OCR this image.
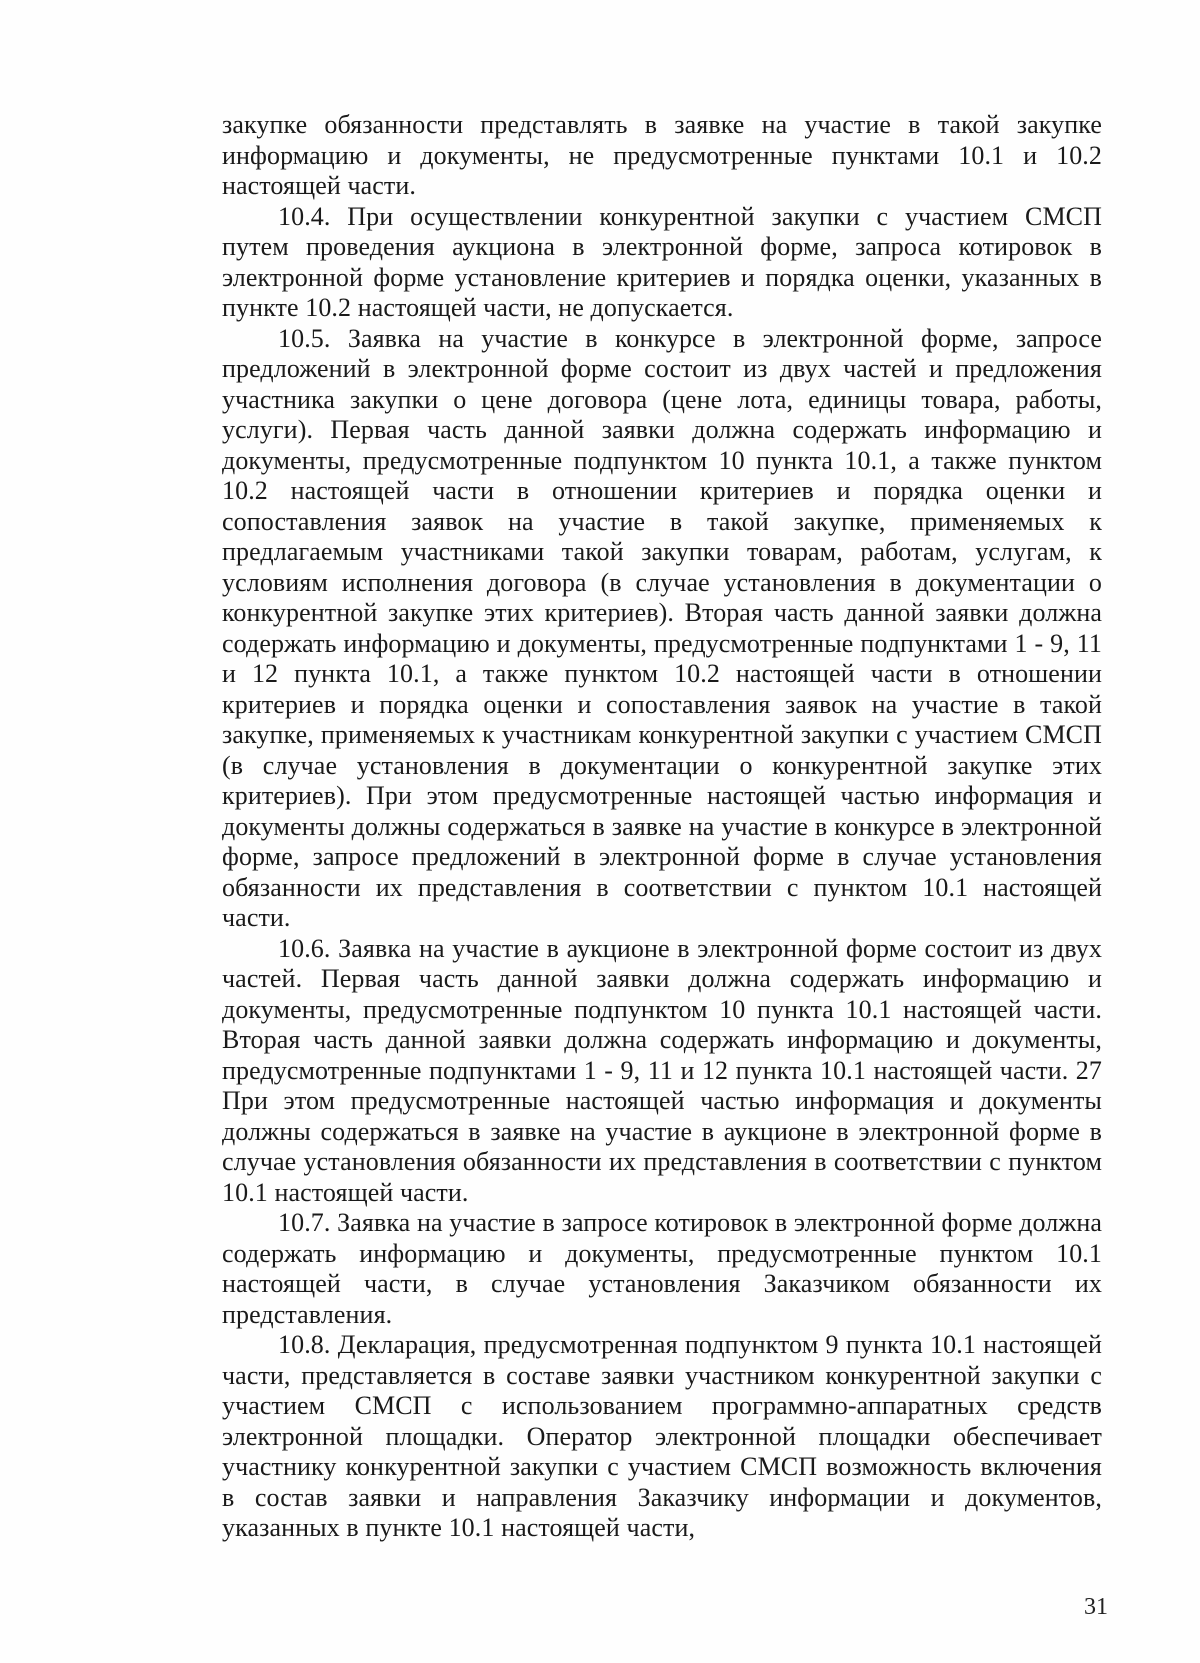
закупке обязанности представлять в заявке на участие в такой закупке информацию и документы, не предусмотренные пунктами 10.1 и 10.2 настоящей части.

10.4. При осуществлении конкурентной закупки с участием СМСП путем проведения аукциона в электронной форме, запроса котировок в электронной форме установление критериев и порядка оценки, указанных в пункте 10.2 настоящей части, не допускается.

10.5. Заявка на участие в конкурсе в электронной форме, запросе предложений в электронной форме состоит из двух частей и предложения участника закупки о цене договора (цене лота, единицы товара, работы, услуги). Первая часть данной заявки должна содержать информацию и документы, предусмотренные подпунктом 10 пункта 10.1, а также пунктом 10.2 настоящей части в отношении критериев и порядка оценки и сопоставления заявок на участие в такой закупке, применяемых к предлагаемым участниками такой закупки товарам, работам, услугам, к условиям исполнения договора (в случае установления в документации о конкурентной закупке этих критериев). Вторая часть данной заявки должна содержать информацию и документы, предусмотренные подпунктами 1 - 9, 11 и 12 пункта 10.1, а также пунктом 10.2 настоящей части в отношении критериев и порядка оценки и сопоставления заявок на участие в такой закупке, применяемых к участникам конкурентной закупки с участием СМСП (в случае установления в документации о конкурентной закупке этих критериев). При этом предусмотренные настоящей частью информация и документы должны содержаться в заявке на участие в конкурсе в электронной форме, запросе предложений в электронной форме в случае установления обязанности их представления в соответствии с пунктом 10.1 настоящей части.

10.6. Заявка на участие в аукционе в электронной форме состоит из двух частей. Первая часть данной заявки должна содержать информацию и документы, предусмотренные подпунктом 10 пункта 10.1 настоящей части. Вторая часть данной заявки должна содержать информацию и документы, предусмотренные подпунктами 1 - 9, 11 и 12 пункта 10.1 настоящей части. 27 При этом предусмотренные настоящей частью информация и документы должны содержаться в заявке на участие в аукционе в электронной форме в случае установления обязанности их представления в соответствии с пунктом 10.1 настоящей части.

10.7. Заявка на участие в запросе котировок в электронной форме должна содержать информацию и документы, предусмотренные пунктом 10.1 настоящей части, в случае установления Заказчиком обязанности их представления.

10.8. Декларация, предусмотренная подпунктом 9 пункта 10.1 настоящей части, представляется в составе заявки участником конкурентной закупки с участием СМСП с использованием программно-аппаратных средств электронной площадки. Оператор электронной площадки обеспечивает участнику конкурентной закупки с участием СМСП возможность включения в состав заявки и направления Заказчику информации и документов, указанных в пункте 10.1 настоящей части,

31
